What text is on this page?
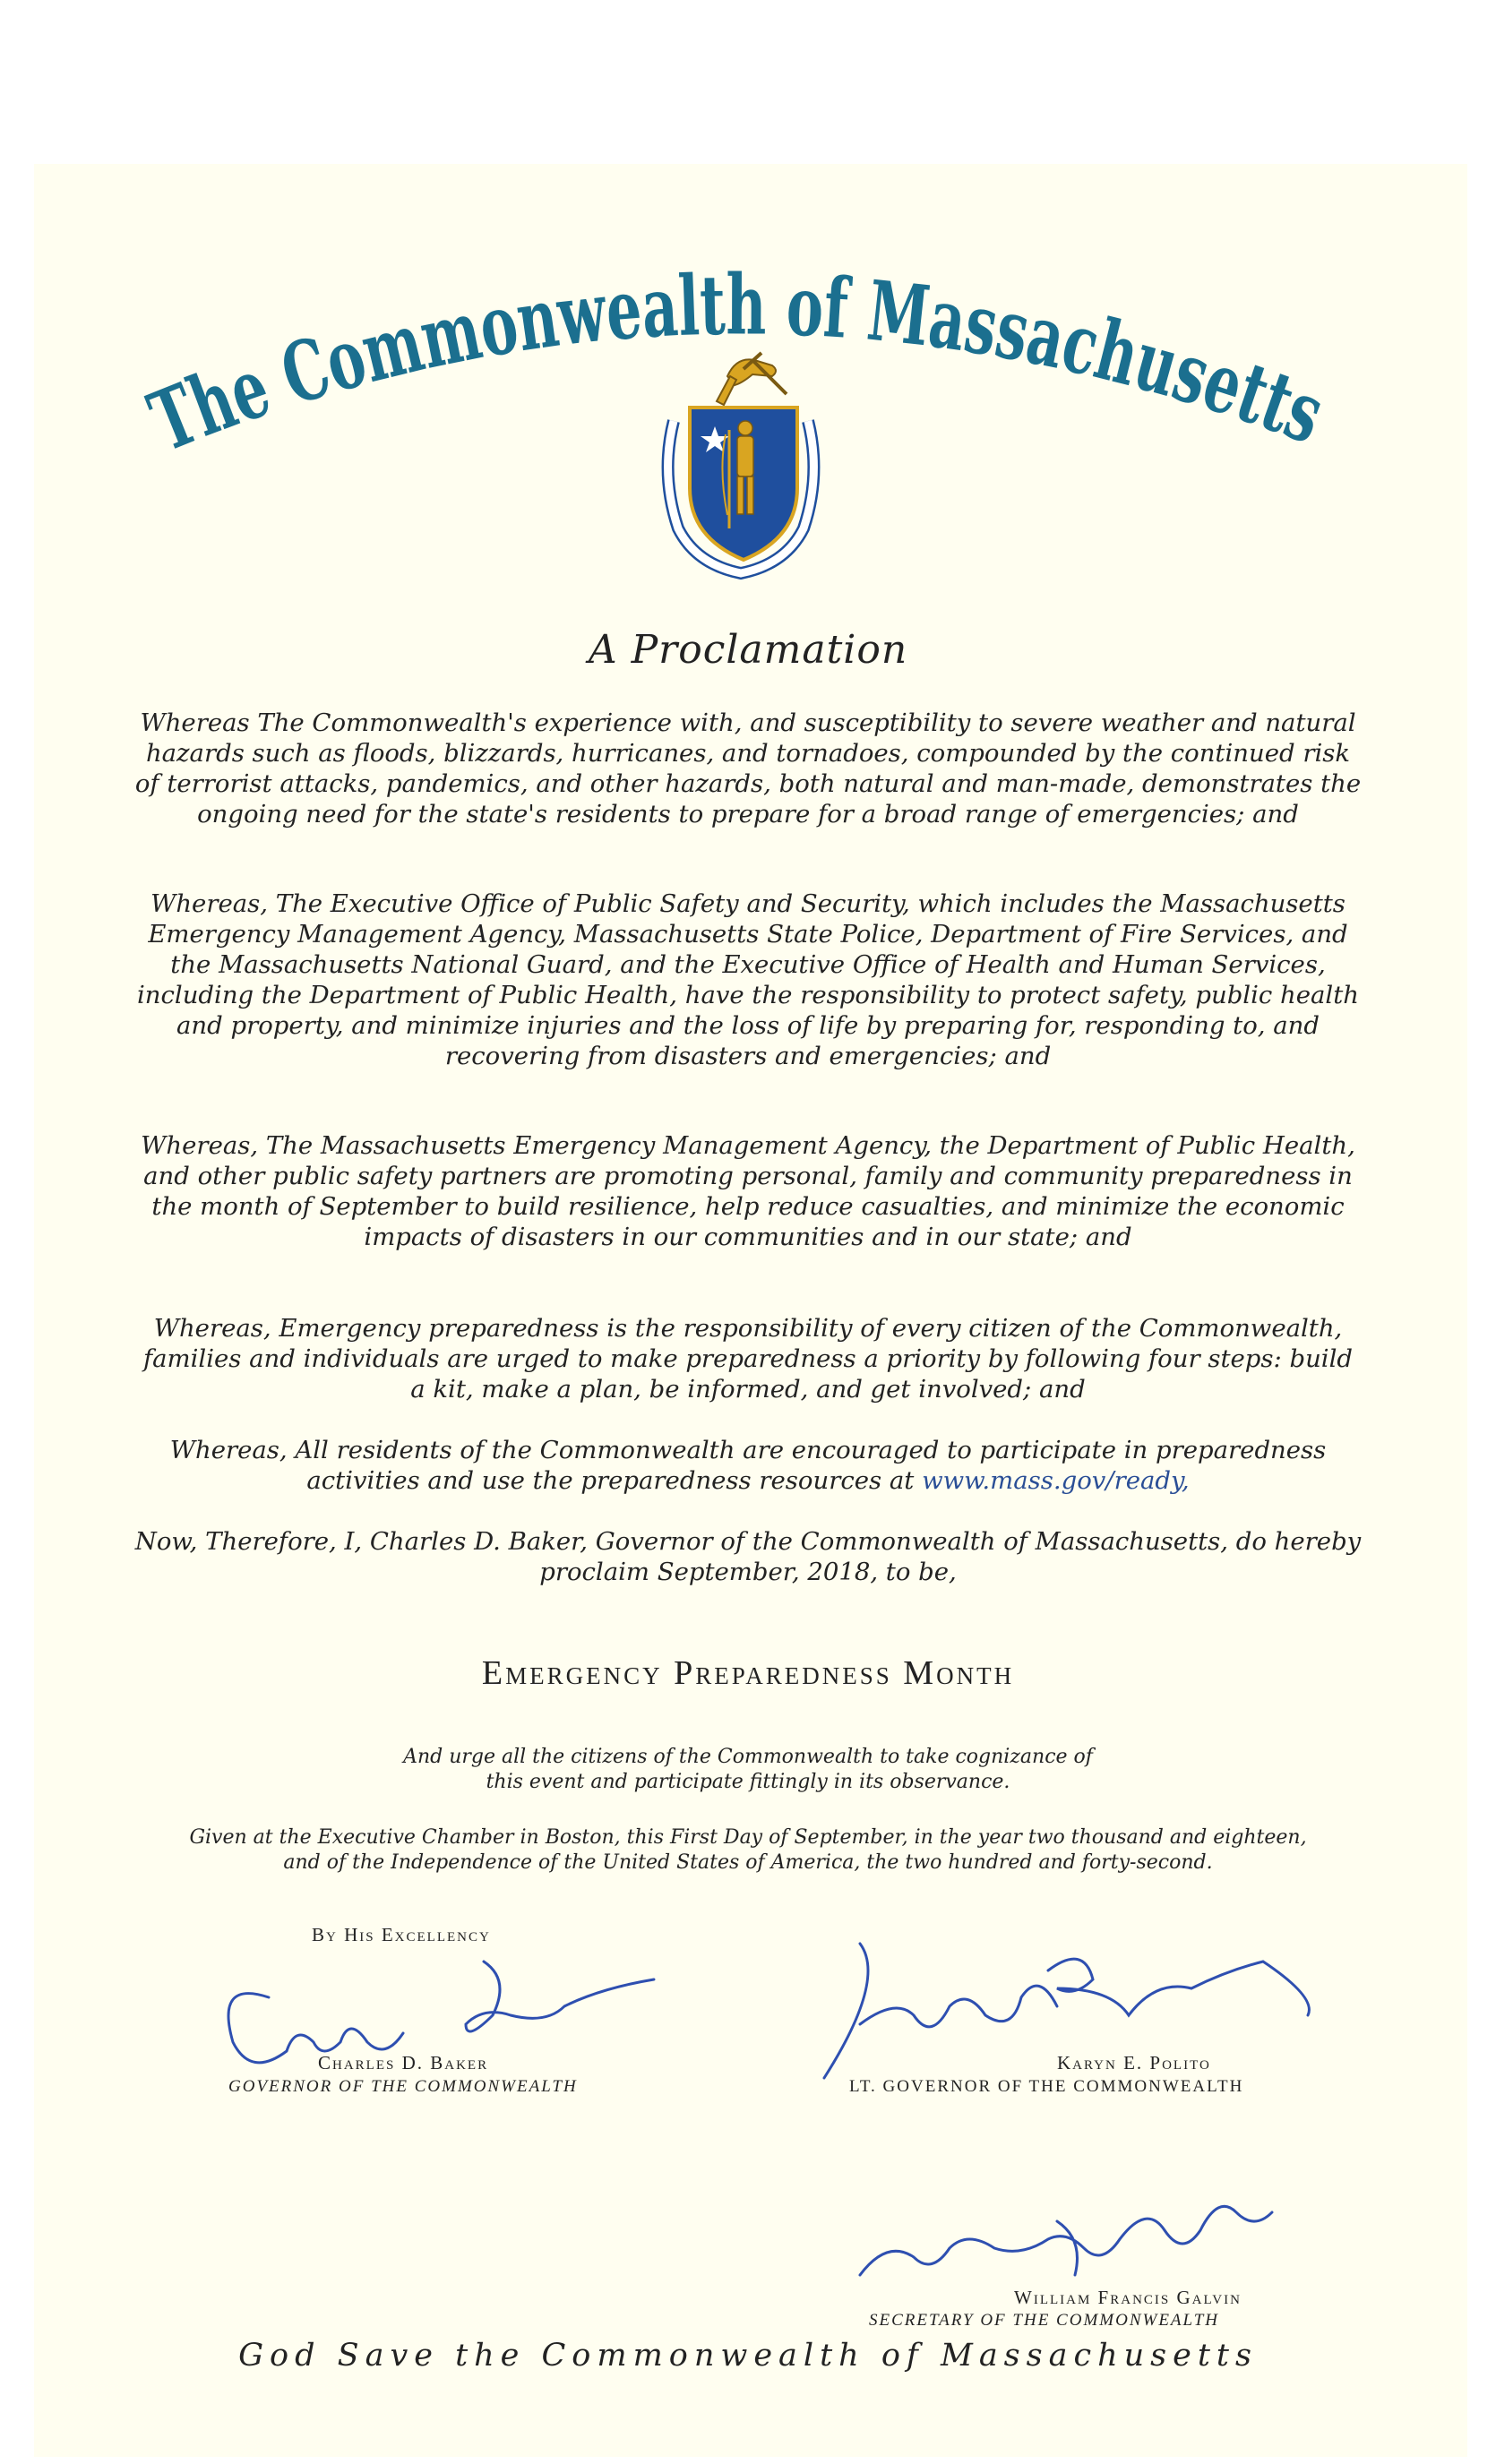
The Commonwealth of Massachusetts
A Proclamation

Whereas The Commonwealth's experience with, and susceptibility to severe weather and natural hazards such as floods, blizzards, hurricanes, and tornadoes, compounded by the continued risk of terrorist attacks, pandemics, and other hazards, both natural and man-made, demonstrates the ongoing need for the state's residents to prepare for a broad range of emergencies; and

Whereas, The Executive Office of Public Safety and Security, which includes the Massachusetts Emergency Management Agency, Massachusetts State Police, Department of Fire Services, and the Massachusetts National Guard, and the Executive Office of Health and Human Services, including the Department of Public Health, have the responsibility to protect safety, public health and property, and minimize injuries and the loss of life by preparing for, responding to, and recovering from disasters and emergencies; and

Whereas, The Massachusetts Emergency Management Agency, the Department of Public Health, and other public safety partners are promoting personal, family and community preparedness in the month of September to build resilience, help reduce casualties, and minimize the economic impacts of disasters in our communities and in our state; and

Whereas, Emergency preparedness is the responsibility of every citizen of the Commonwealth, families and individuals are urged to make preparedness a priority by following four steps: build a kit, make a plan, be informed, and get involved; and

Whereas, All residents of the Commonwealth are encouraged to participate in preparedness activities and use the preparedness resources at www.mass.gov/ready,

Now, Therefore, I, Charles D. Baker, Governor of the Commonwealth of Massachusetts, do hereby proclaim September, 2018, to be,

Emergency Preparedness Month

And urge all the citizens of the Commonwealth to take cognizance of this event and participate fittingly in its observance.

Given at the Executive Chamber in Boston, this First Day of September, in the year two thousand and eighteen, and of the Independence of the United States of America, the two hundred and forty-second.

By His Excellency
Charles D. Baker
GOVERNOR OF THE COMMONWEALTH
Karyn E. Polito
LT. GOVERNOR OF THE COMMONWEALTH
William Francis Galvin
SECRETARY OF THE COMMONWEALTH
God Save the Commonwealth of Massachusetts
